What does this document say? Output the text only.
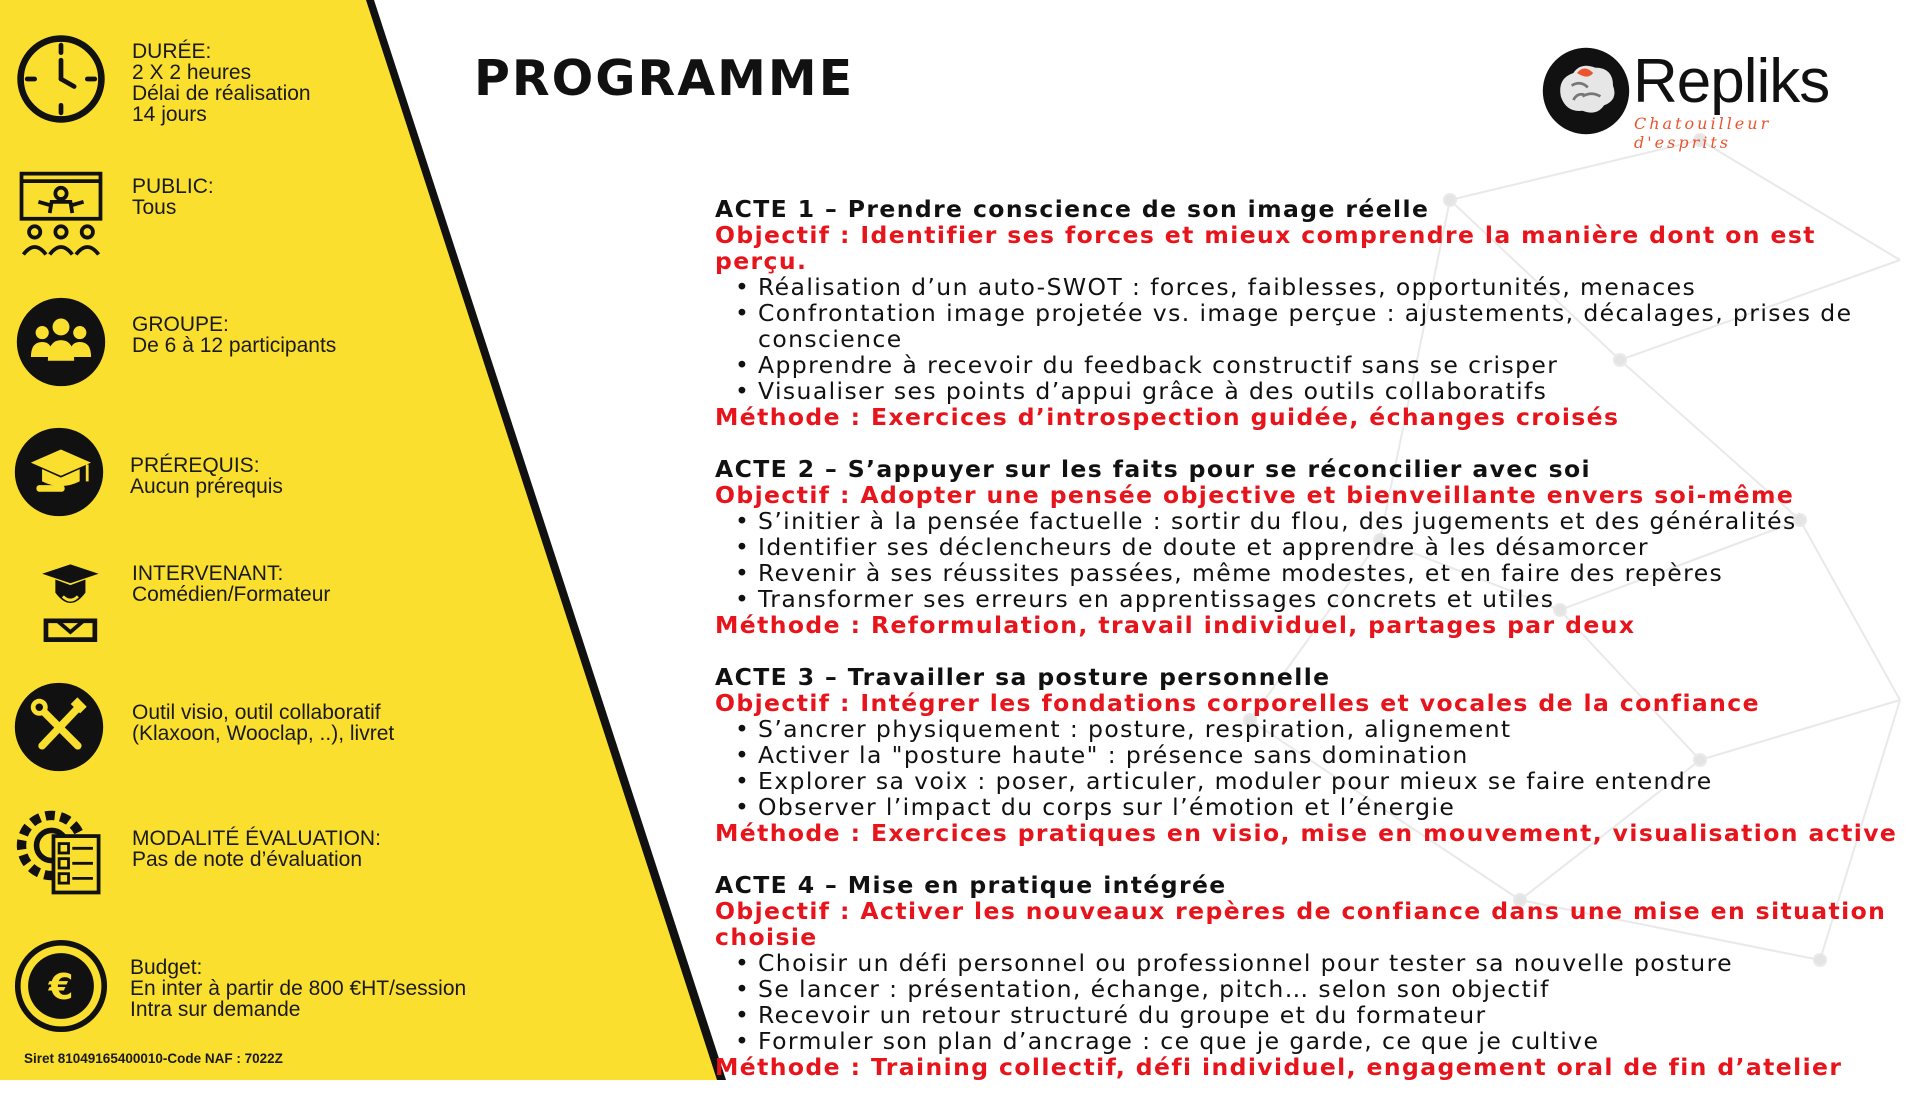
DURÉE:
2 X 2 heures
Délai de réalisation
14 jours
PUBLIC:
Tous
GROUPE:
De 6 à 12 participants
PRÉREQUIS:
Aucun prérequis
INTERVENANT:
Comédien/Formateur
Outil visio, outil collaboratif
(Klaxoon, Wooclap, ..), livret
MODALITÉ ÉVALUATION:
Pas de note d’évaluation
€	Budget:
En inter à partir de 800 €HT/session
Intra sur demande
Siret 81049165400010-Code NAF : 7022Z
PROGRAMME	Repliks
Chatouilleur d'esprits
ACTE 1 – Prendre conscience de son image réelle
Objectif : Identifier ses forces et mieux comprendre la manière dont on est perçu.
• Réalisation d’un auto-SWOT : forces, faiblesses, opportunités, menaces
• Confrontation image projetée vs. image perçue : ajustements, décalages, prises de conscience
• Apprendre à recevoir du feedback constructif sans se crisper
• Visualiser ses points d’appui grâce à des outils collaboratifs
Méthode : Exercices d’introspection guidée, échanges croisés
ACTE 2 – S’appuyer sur les faits pour se réconcilier avec soi
Objectif : Adopter une pensée objective et bienveillante envers soi-même
• S’initier à la pensée factuelle : sortir du flou, des jugements et des généralités
• Identifier ses déclencheurs de doute et apprendre à les désamorcer
• Revenir à ses réussites passées, même modestes, et en faire des repères
• Transformer ses erreurs en apprentissages concrets et utiles
Méthode : Reformulation, travail individuel, partages par deux
ACTE 3 – Travailler sa posture personnelle
Objectif : Intégrer les fondations corporelles et vocales de la confiance
• S’ancrer physiquement : posture, respiration, alignement
• Activer la "posture haute" : présence sans domination
• Explorer sa voix : poser, articuler, moduler pour mieux se faire entendre
• Observer l’impact du corps sur l’émotion et l’énergie
Méthode : Exercices pratiques en visio, mise en mouvement, visualisation active
ACTE 4 – Mise en pratique intégrée
Objectif : Activer les nouveaux repères de confiance dans une mise en situation choisie
• Choisir un défi personnel ou professionnel pour tester sa nouvelle posture
• Se lancer : présentation, échange, pitch… selon son objectif
• Recevoir un retour structuré du groupe et du formateur
• Formuler son plan d’ancrage : ce que je garde, ce que je cultive
Méthode : Training collectif, défi individuel, engagement oral de fin d’atelier
